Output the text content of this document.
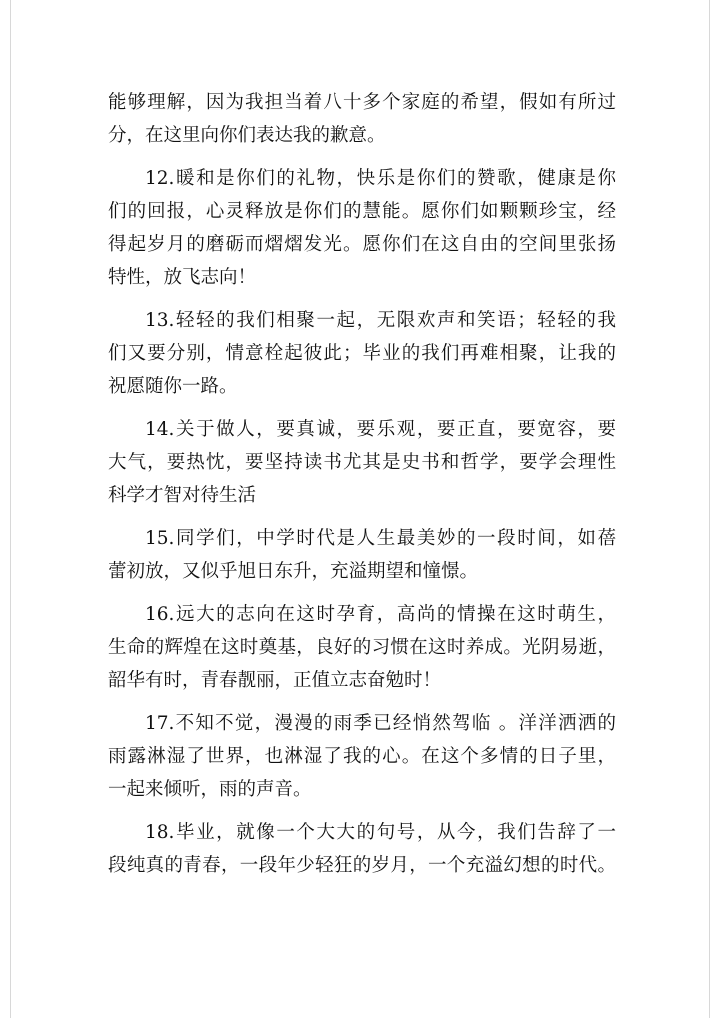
能够理解，因为我担当着八十多个家庭的希望，假如有所过
分，在这里向你们表达我的歉意。

12.暖和是你们的礼物，快乐是你们的赞歌，健康是你
们的回报，心灵释放是你们的慧能。愿你们如颗颗珍宝，经
得起岁月的磨砺而熠熠发光。愿你们在这自由的空间里张扬
特性，放飞志向！

13.轻轻的我们相聚一起，无限欢声和笑语；轻轻的我
们又要分别，情意栓起彼此；毕业的我们再难相聚，让我的
祝愿随你一路。

14.关于做人，要真诚，要乐观，要正直，要宽容，要
大气，要热忱，要坚持读书尤其是史书和哲学，要学会理性
科学才智对待生活

15.同学们，中学时代是人生最美妙的一段时间，如蓓
蕾初放，又似乎旭日东升，充溢期望和憧憬。

16.远大的志向在这时孕育，高尚的情操在这时萌生，
生命的辉煌在这时奠基，良好的习惯在这时养成。光阴易逝，
韶华有时，青春靓丽，正值立志奋勉时！

17.不知不觉，漫漫的雨季已经悄然驾临 。洋洋洒洒的
雨露淋湿了世界，也淋湿了我的心。在这个多情的日子里，
一起来倾听，雨的声音。

18.毕业，就像一个大大的句号，从今，我们告辞了一
段纯真的青春，一段年少轻狂的岁月，一个充溢幻想的时代。
